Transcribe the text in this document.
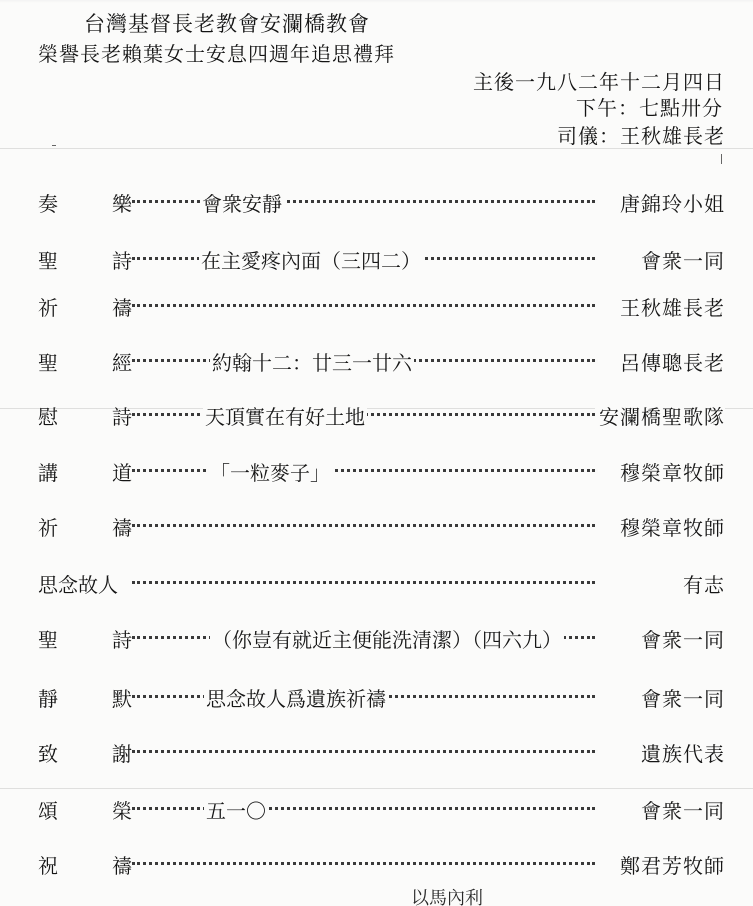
台灣基督長老教會安瀾橋教會
榮譽長老賴葉女士安息四週年追思禮拜
主後一九八二年十二月四日
下午：七點卅分
司儀：王秋雄長老
奏	樂	會衆安靜	唐錦玲小姐
聖	詩	在主愛疼內面（三四二）	會衆一同
祈	禱	王秋雄長老
聖	經	約翰十二：廿三一廿六	呂傳聰長老
慰	詩	天頂實在有好土地	安瀾橋聖歌隊
講	道	「一粒麥子」	穆榮章牧師
祈	禱	穆榮章牧師
思念故人	有志
聖	詩	（你豈有就近主便能洗清潔）（四六九）	會衆一同
靜	默	思念故人爲遺族祈禱	會衆一同
致	謝	遺族代表
頌	榮	五一〇	會衆一同
祝	禱	鄭君芳牧師
以馬內利
